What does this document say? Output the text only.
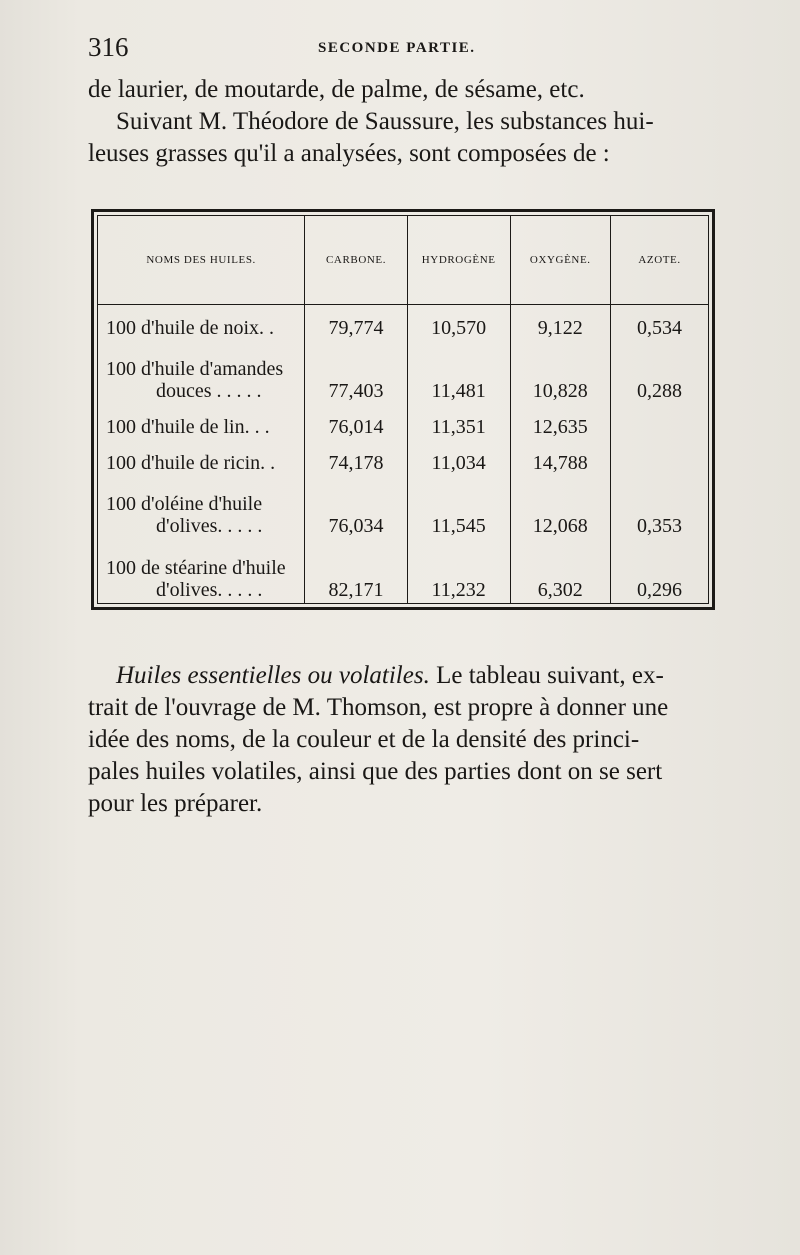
316	SECONDE PARTIE.
de laurier, de moutarde, de palme, de sésame, etc.
Suivant M. Théodore de Saussure, les substances hui-
leuses grasses qu'il a analysées, sont composées de :
NOMS DES HUILES.	CARBONE.	HYDROGÈNE	OXYGÈNE.	AZOTE.
100 d'huile de noix. .	79,774	10,570	9,122	0,534
100 d'huile d'amandes
douces . . . . .	77,403	11,481	10,828	0,288
100 d'huile de lin. . .	76,014	11,351	12,635	
100 d'huile de ricin. .	74,178	11,034	14,788	
100 d'oléine d'huile
d'olives. . . . .	76,034	11,545	12,068	0,353
100 de stéarine d'huile
d'olives. . . . .	82,171	11,232	6,302	0,296
Huiles essentielles ou volatiles. Le tableau suivant, ex-
trait de l'ouvrage de M. Thomson, est propre à donner une
idée des noms, de la couleur et de la densité des princi-
pales huiles volatiles, ainsi que des parties dont on se sert
pour les préparer.
